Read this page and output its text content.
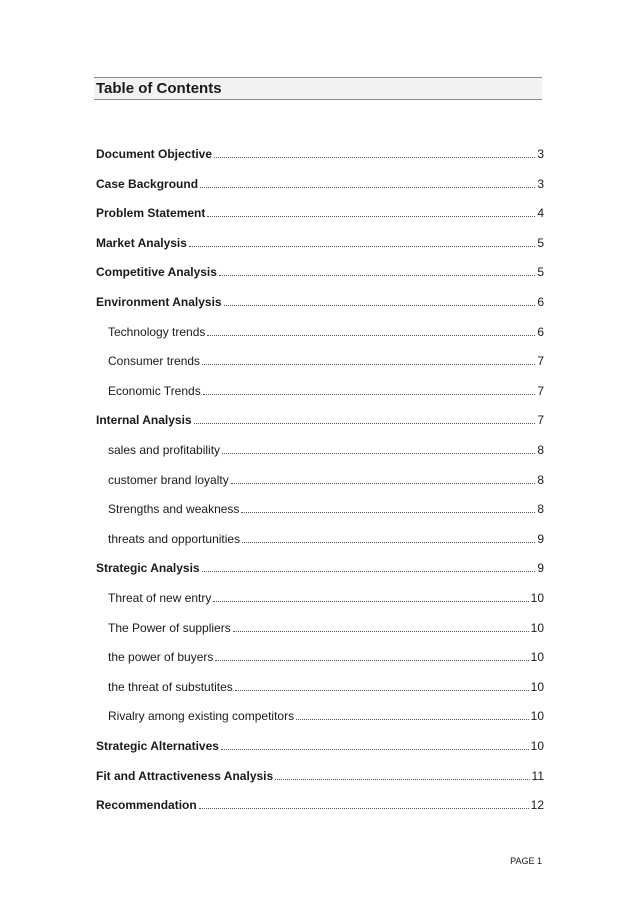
Table of Contents
Document Objective	3
Case Background	3
Problem Statement	4
Market Analysis	5
Competitive Analysis	5
Environment Analysis	6
Technology trends	6
Consumer trends	7
Economic Trends	7
Internal Analysis	7
sales and profitability	8
customer brand loyalty	8
Strengths and weakness	8
threats and opportunities	9
Strategic Analysis	9
Threat of new entry	10
The Power of suppliers	10
the power of buyers	10
the threat of substutites	10
Rivalry among existing competitors	10
Strategic Alternatives	10
Fit and Attractiveness Analysis	11
Recommendation	12
PAGE 1
